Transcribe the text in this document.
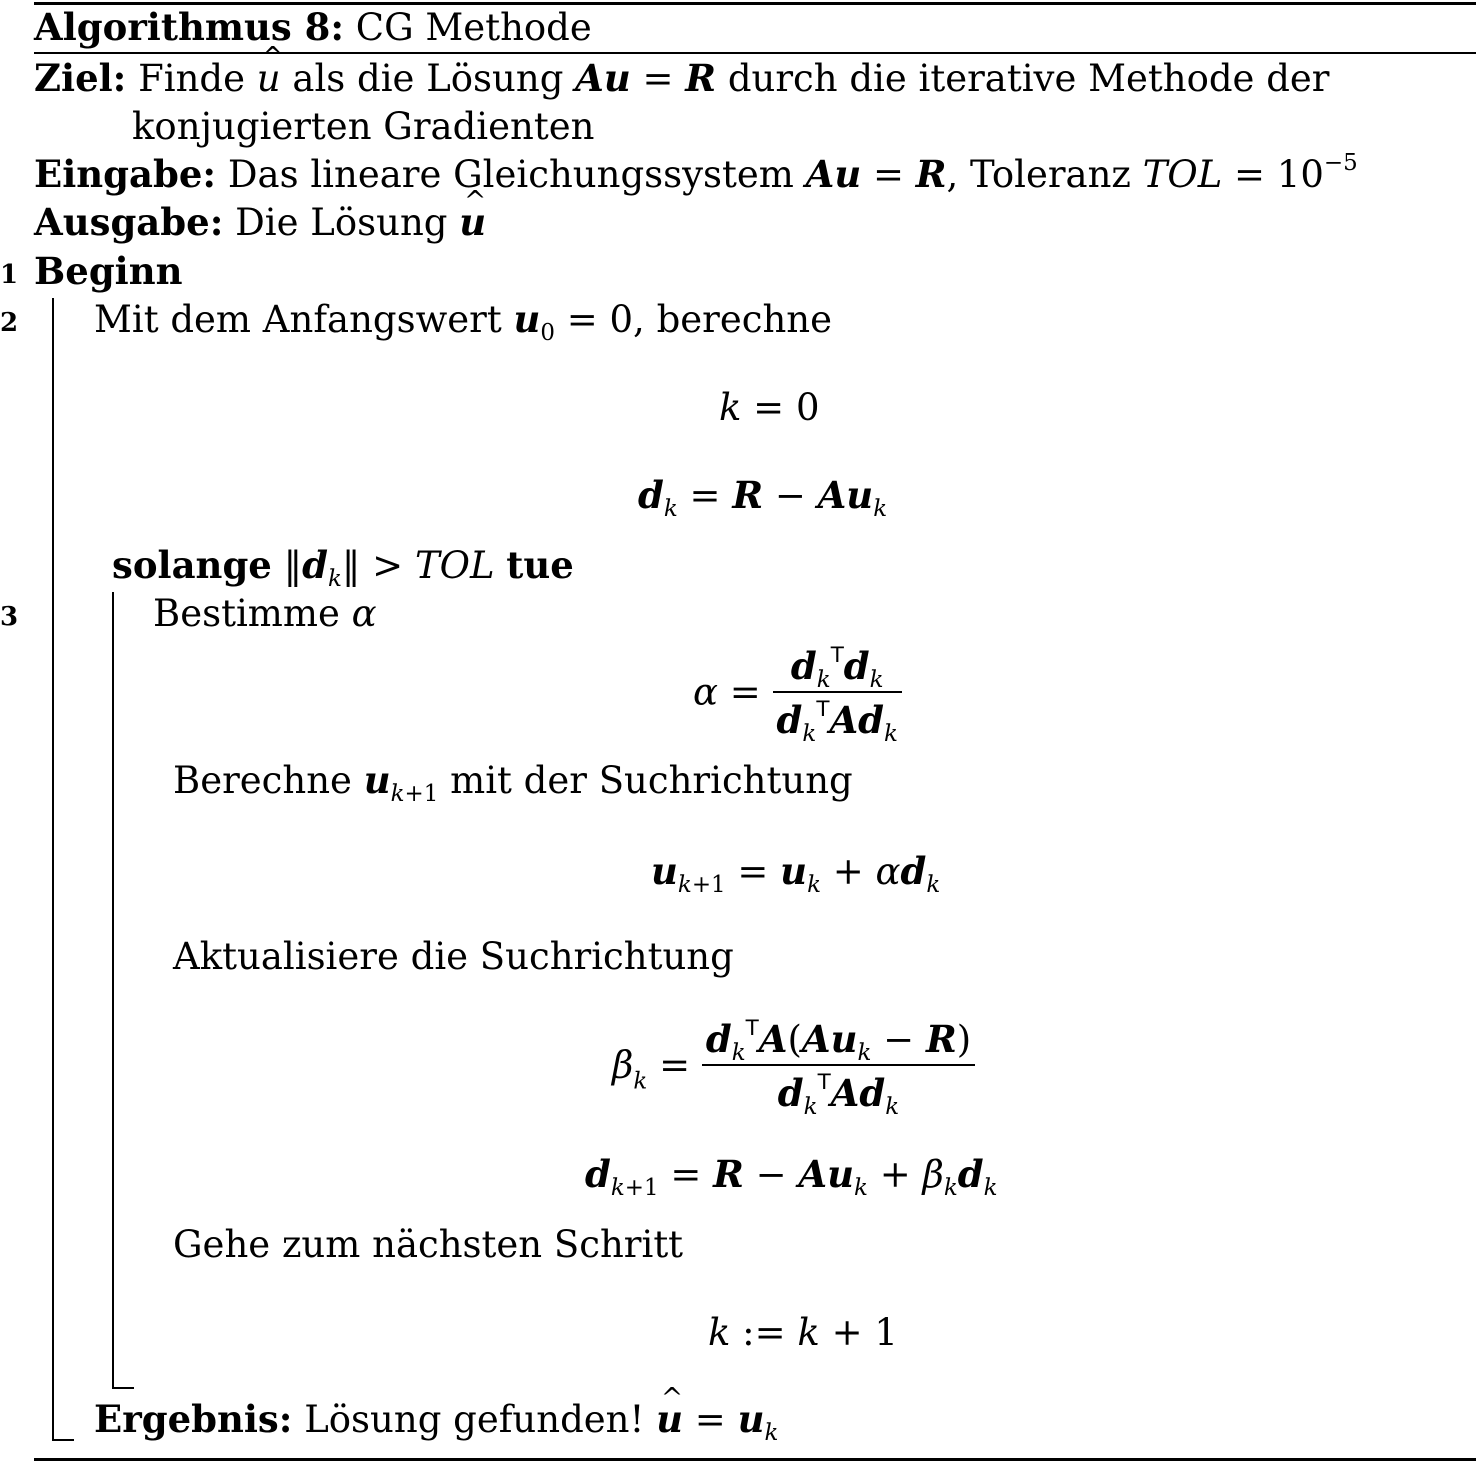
Algorithmus 8: CG Methode
Ziel: Finde ^ u als die Lösung Au = R durch die iterative Methode der
konjugierten Gradienten
Eingabe: Das lineare Gleichungssystem Au = R, Toleranz TOL = $10^{-5}$
Ausgabe: Die Lösung ^ u
1
2
3
Beginn
Mit dem Anfangswert $u_0 = 0$, berechne
k = 0
$d_k = R - Au_k$
solange $‖d_k‖$ > TOL tue
Bestimme α
$\alpha = \frac{d_k^Td_k}{d_k^TAd_k}$
Berechne $u_{k+1}$ mit der Suchrichtung
$u_{k+1} = u_k + \alpha d_k$
Aktualisiere die Suchrichtung
$\beta_k = \frac{d_k^TA(Au_k - R)}{d_k^TAd_k}$
$d_{k+1} = R - Au_k + \beta_kd_k$
Gehe zum nächsten Schritt
k := k + 1
Ergebnis: Lösung gefunden! ^ $u = u_k$
